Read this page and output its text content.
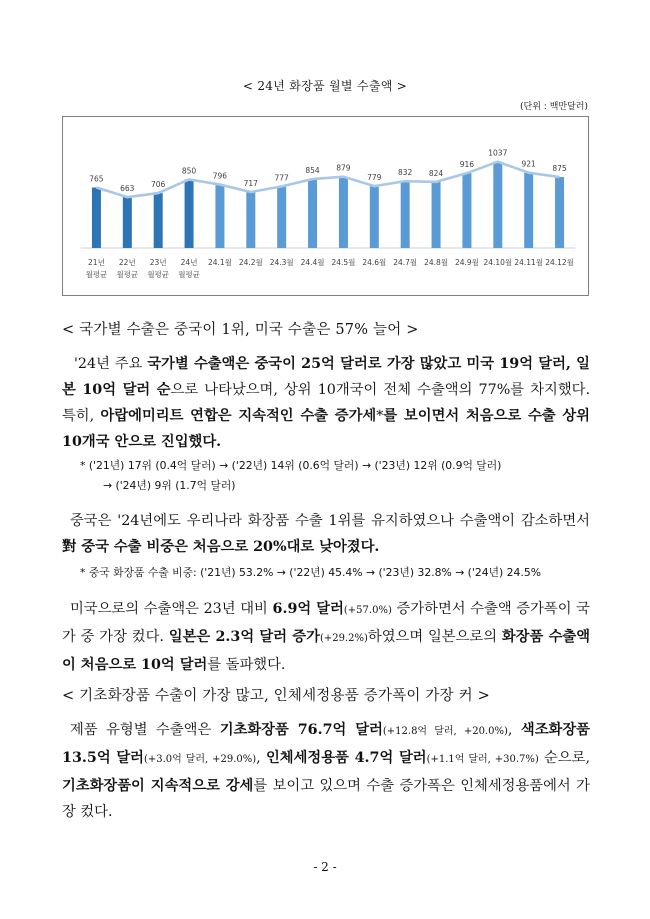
< 24년 화장품 월별 수출액 >
(단위 : 백만달러)
765
21년
월평균
663
22년
월평균
706
23년
월평균
850
24년
월평균
796
24.1월
717
24.2월
777
24.3월
854
24.4월
879
24.5월
779
24.6월
832
24.7월
824
24.8월
916
24.9월
1037
24.10월
921
24.11월
875
24.12월
< 국가별 수출은 중국이 1위, 미국 수출은 57% 늘어 >
'24년 주요 국가별 수출액은 중국이 25억 달러로 가장 많았고 미국 19억 달러, 일본 10억 달러 순으로 나타났으며, 상위 10개국이 전체 수출액의 77%를 차지했다. 특히, 아랍에미리트 연합은 지속적인 수출 증가세*를 보이면서 처음으로 수출 상위 10개국 안으로 진입했다.
* ('21년) 17위 (0.4억 달러) → ('22년) 14위 (0.6억 달러) → ('23년) 12위 (0.9억 달러)
→ ('24년) 9위 (1.7억 달러)
중국은 '24년에도 우리나라 화장품 수출 1위를 유지하였으나 수출액이 감소하면서 對 중국 수출 비중은 처음으로 20%대로 낮아졌다.
* 중국 화장품 수출 비중: ('21년) 53.2% → ('22년) 45.4% → ('23년) 32.8% → ('24년) 24.5%
미국으로의 수출액은 23년 대비 6.9억 달러(+57.0%) 증가하면서 수출액 증가폭이 국가 중 가장 컸다. 일본은 2.3억 달러 증가(+29.2%)하였으며 일본으로의 화장품 수출액이 처음으로 10억 달러를 돌파했다.
< 기초화장품 수출이 가장 많고, 인체세정용품 증가폭이 가장 커 >
제품 유형별 수출액은 기초화장품 76.7억 달러(+12.8억 달러, +20.0%), 색조화장품 13.5억 달러(+3.0억 달러, +29.0%), 인체세정용품 4.7억 달러(+1.1억 달러, +30.7%) 순으로, 기초화장품이 지속적으로 강세를 보이고 있으며 수출 증가폭은 인체세정용품에서 가장 컸다.
- 2 -
